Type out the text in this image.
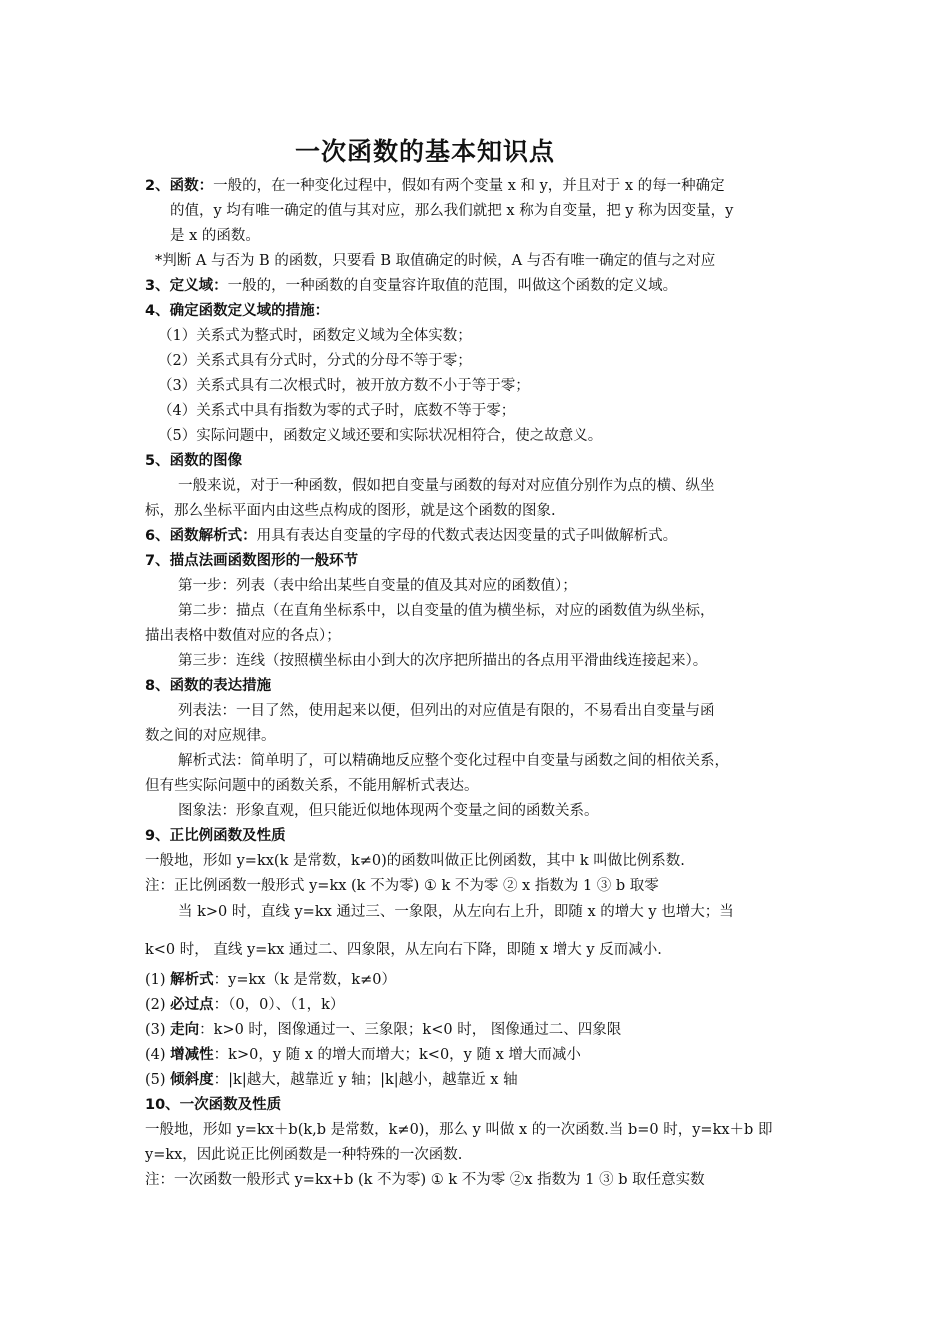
一次函数的基本知识点
2、函数：一般的，在一种变化过程中，假如有两个变量 x 和 y，并且对于 x 的每一种确定
的值，y 均有唯一确定的值与其对应，那么我们就把 x 称为自变量，把 y 称为因变量，y
是 x 的函数。
*判断 A 与否为 B 的函数，只要看 B 取值确定的时候，A 与否有唯一确定的值与之对应
3、定义域：一般的，一种函数的自变量容许取值的范围，叫做这个函数的定义域。
4、确定函数定义域的措施：
（1）关系式为整式时，函数定义域为全体实数；
（2）关系式具有分式时，分式的分母不等于零；
（3）关系式具有二次根式时，被开放方数不小于等于零；
（4）关系式中具有指数为零的式子时，底数不等于零；
（5）实际问题中，函数定义域还要和实际状况相符合，使之故意义。
5、函数的图像
一般来说，对于一种函数，假如把自变量与函数的每对对应值分别作为点的横、纵坐
标，那么坐标平面内由这些点构成的图形，就是这个函数的图象.
6、函数解析式：用具有表达自变量的字母的代数式表达因变量的式子叫做解析式。
7、描点法画函数图形的一般环节
第一步：列表（表中给出某些自变量的值及其对应的函数值）；
第二步：描点（在直角坐标系中，以自变量的值为横坐标，对应的函数值为纵坐标，
描出表格中数值对应的各点）；
第三步：连线（按照横坐标由小到大的次序把所描出的各点用平滑曲线连接起来）。
8、函数的表达措施
列表法：一目了然，使用起来以便，但列出的对应值是有限的，不易看出自变量与函
数之间的对应规律。
解析式法：简单明了，可以精确地反应整个变化过程中自变量与函数之间的相依关系，
但有些实际问题中的函数关系，不能用解析式表达。
图象法：形象直观，但只能近似地体现两个变量之间的函数关系。
9、正比例函数及性质
一般地，形如 y=kx(k 是常数，k≠0)的函数叫做正比例函数，其中 k 叫做比例系数.
注：正比例函数一般形式 y=kx (k 不为零) ① k 不为零 ② x 指数为 1 ③ b 取零
当 k>0 时，直线 y=kx 通过三、一象限，从左向右上升，即随 x 的增大 y 也增大；当
k<0 时， 直线 y=kx 通过二、四象限，从左向右下降，即随 x 增大 y 反而减小.
(1) 解析式：y=kx（k 是常数，k≠0）
(2) 必过点：（0，0）、（1，k）
(3) 走向：k>0 时，图像通过一、三象限；k<0 时， 图像通过二、四象限
(4) 增减性：k>0，y 随 x 的增大而增大；k<0，y 随 x 增大而减小
(5) 倾斜度：|k|越大，越靠近 y 轴；|k|越小，越靠近 x 轴
10、一次函数及性质
一般地，形如 y=kx＋b(k,b 是常数，k≠0)，那么 y 叫做 x 的一次函数.当 b=0 时，y=kx＋b 即
y=kx，因此说正比例函数是一种特殊的一次函数.
注：一次函数一般形式 y=kx+b (k 不为零) ① k 不为零 ②x 指数为 1 ③ b 取任意实数
